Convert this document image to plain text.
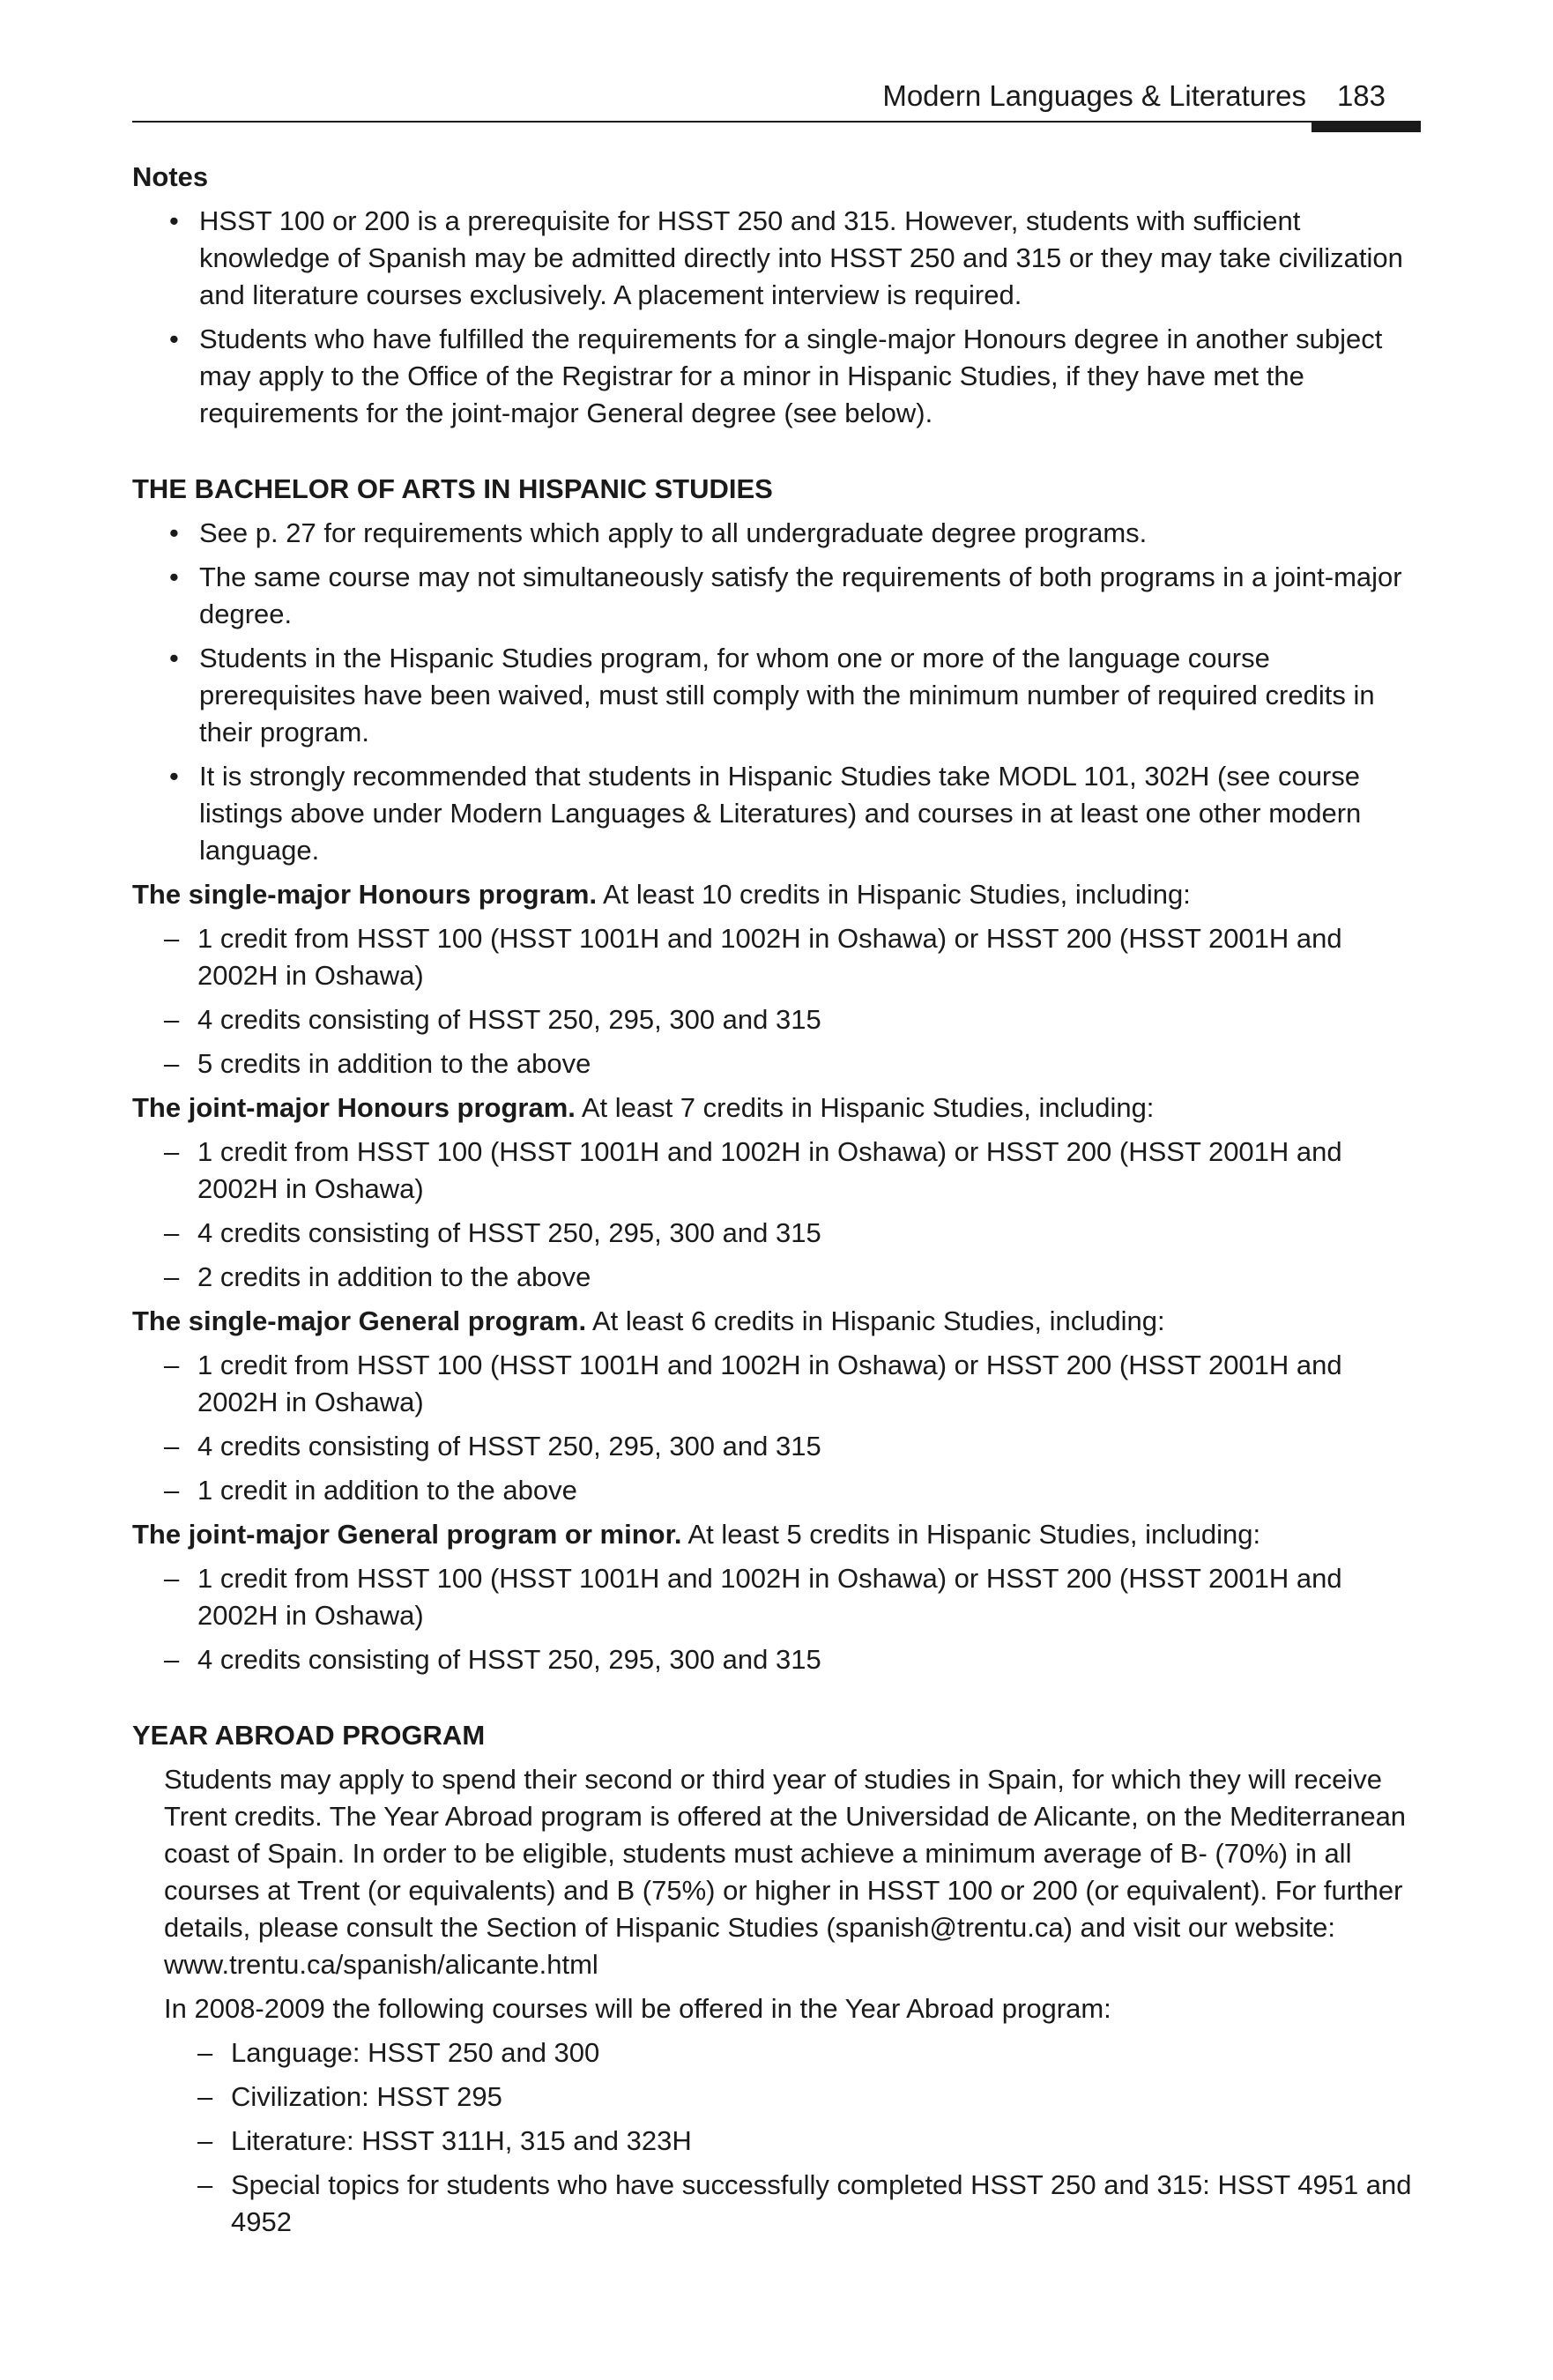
Modern Languages & Literatures 183

Notes

• HSST 100 or 200 is a prerequisite for HSST 250 and 315. However, students with sufficient knowledge of Spanish may be admitted directly into HSST 250 and 315 or they may take civilization and literature courses exclusively. A placement interview is required.
• Students who have fulfilled the requirements for a single-major Honours degree in another subject may apply to the Office of the Registrar for a minor in Hispanic Studies, if they have met the requirements for the joint-major General degree (see below).

THE BACHELOR OF ARTS IN HISPANIC STUDIES

• See p. 27 for requirements which apply to all undergraduate degree programs.
• The same course may not simultaneously satisfy the requirements of both programs in a joint-major degree.
• Students in the Hispanic Studies program, for whom one or more of the language course prerequisites have been waived, must still comply with the minimum number of required credits in their program.
• It is strongly recommended that students in Hispanic Studies take MODL 101, 302H (see course listings above under Modern Languages & Literatures) and courses in at least one other modern language.

The single-major Honours program. At least 10 credits in Hispanic Studies, including:

– 1 credit from HSST 100 (HSST 1001H and 1002H in Oshawa) or HSST 200 (HSST 2001H and 2002H in Oshawa)
– 4 credits consisting of HSST 250, 295, 300 and 315
– 5 credits in addition to the above

The joint-major Honours program. At least 7 credits in Hispanic Studies, including:

– 1 credit from HSST 100 (HSST 1001H and 1002H in Oshawa) or HSST 200 (HSST 2001H and 2002H in Oshawa)
– 4 credits consisting of HSST 250, 295, 300 and 315
– 2 credits in addition to the above

The single-major General program. At least 6 credits in Hispanic Studies, including:

– 1 credit from HSST 100 (HSST 1001H and 1002H in Oshawa) or HSST 200 (HSST 2001H and 2002H in Oshawa)
– 4 credits consisting of HSST 250, 295, 300 and 315
– 1 credit in addition to the above

The joint-major General program or minor. At least 5 credits in Hispanic Studies, including:

– 1 credit from HSST 100 (HSST 1001H and 1002H in Oshawa) or HSST 200 (HSST 2001H and 2002H in Oshawa)
– 4 credits consisting of HSST 250, 295, 300 and 315

YEAR ABROAD PROGRAM

Students may apply to spend their second or third year of studies in Spain, for which they will receive Trent credits. The Year Abroad program is offered at the Universidad de Alicante, on the Mediterranean coast of Spain. In order to be eligible, students must achieve a minimum average of B- (70%) in all courses at Trent (or equivalents) and B (75%) or higher in HSST 100 or 200 (or equivalent). For further details, please consult the Section of Hispanic Studies (spanish@trentu.ca) and visit our website: www.trentu.ca/spanish/alicante.html

In 2008-2009 the following courses will be offered in the Year Abroad program:

– Language: HSST 250 and 300
– Civilization: HSST 295
– Literature: HSST 311H, 315 and 323H
– Special topics for students who have successfully completed HSST 250 and 315: HSST 4951 and 4952
